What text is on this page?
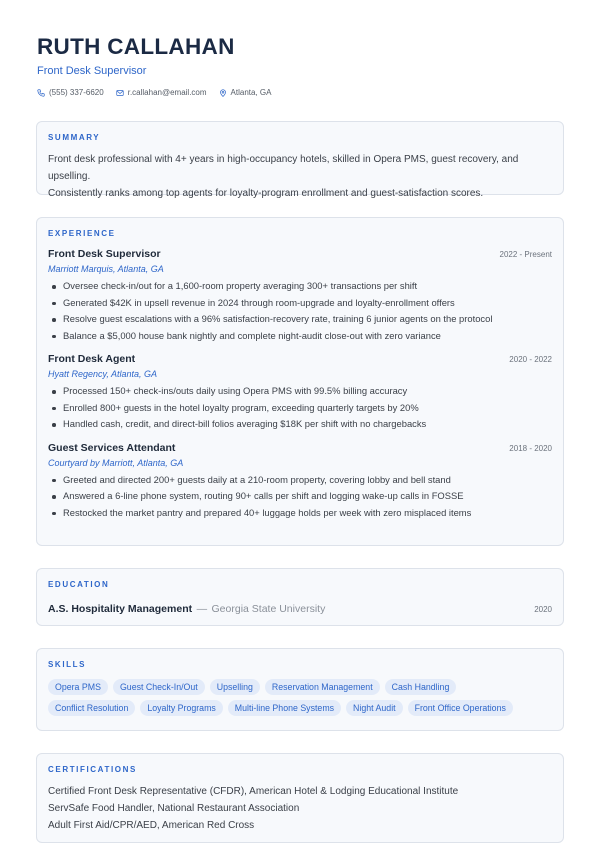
RUTH CALLAHAN
Front Desk Supervisor
(555) 337-6620	r.callahan@email.com	Atlanta, GA
SUMMARY
Front desk professional with 4+ years in high-occupancy hotels, skilled in Opera PMS, guest recovery, and upselling.
Consistently ranks among top agents for loyalty-program enrollment and guest-satisfaction scores.
EXPERIENCE
Front Desk Supervisor	2022 - Present
Marriott Marquis, Atlanta, GA
Oversee check-in/out for a 1,600-room property averaging 300+ transactions per shift
Generated $42K in upsell revenue in 2024 through room-upgrade and loyalty-enrollment offers
Resolve guest escalations with a 96% satisfaction-recovery rate, training 6 junior agents on the protocol
Balance a $5,000 house bank nightly and complete night-audit close-out with zero variance
Front Desk Agent	2020 - 2022
Hyatt Regency, Atlanta, GA
Processed 150+ check-ins/outs daily using Opera PMS with 99.5% billing accuracy
Enrolled 800+ guests in the hotel loyalty program, exceeding quarterly targets by 20%
Handled cash, credit, and direct-bill folios averaging $18K per shift with no chargebacks
Guest Services Attendant	2018 - 2020
Courtyard by Marriott, Atlanta, GA
Greeted and directed 200+ guests daily at a 210-room property, covering lobby and bell stand
Answered a 6-line phone system, routing 90+ calls per shift and logging wake-up calls in FOSSE
Restocked the market pantry and prepared 40+ luggage holds per week with zero misplaced items
EDUCATION
A.S. Hospitality Management — Georgia State University	2020
SKILLS
Opera PMS	Guest Check-In/Out	Upselling	Reservation Management	Cash Handling
Conflict Resolution	Loyalty Programs	Multi-line Phone Systems	Night Audit	Front Office Operations
CERTIFICATIONS
Certified Front Desk Representative (CFDR), American Hotel & Lodging Educational Institute
ServSafe Food Handler, National Restaurant Association
Adult First Aid/CPR/AED, American Red Cross
